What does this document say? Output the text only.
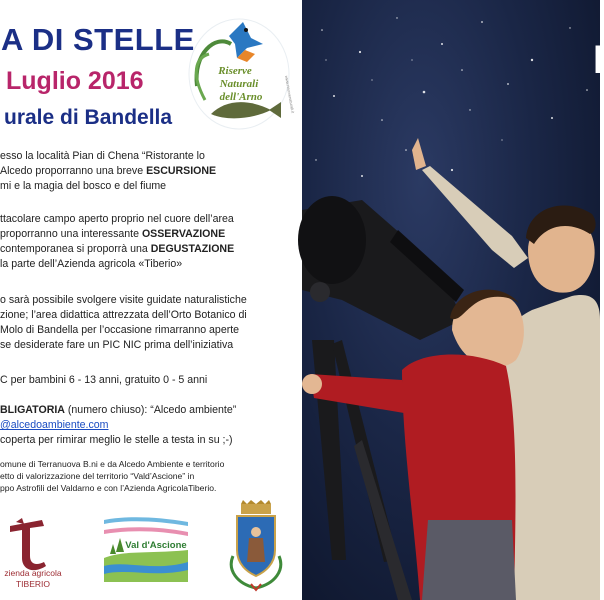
A DI STELLE
Luglio 2016
urale di Bandella
Riserve
Naturali
dell'Arno	www.riservenaturali.it

esso la località Pian di Chena “Ristorante lo

Alcedo proporranno una breve ESCURSIONE

mi e la magia del bosco e del fiume

ttacolare campo aperto proprio nel cuore dell’area

proporranno una interessante OSSERVAZIONE

contemporanea si proporrà una DEGUSTAZIONE

la parte dell’Azienda agricola «Tiberio»

o sarà possibile svolgere visite guidate naturalistiche

zione; l’area didattica attrezzata dell’Orto Botanico di

Molo di Bandella per l’occasione rimarranno aperte

se desiderate fare un PIC NIC prima dell’iniziativa

C per bambini 6 - 13 anni, gratuito 0 - 5 anni

BLIGATORIA (numero chiuso): “Alcedo ambiente”

@alcedoambiente.com

coperta per rimirar meglio le stelle a testa in su ;-)

omune di Terranuova B.ni e da Alcedo Ambiente e territorio

etto di valorizzazione del territorio “Vald’Ascione” in

ppo Astrofili del Valdarno e con l’Azienda AgricolaTiberio.

zienda agricola
TIBERIO
Val d'Ascione
I
